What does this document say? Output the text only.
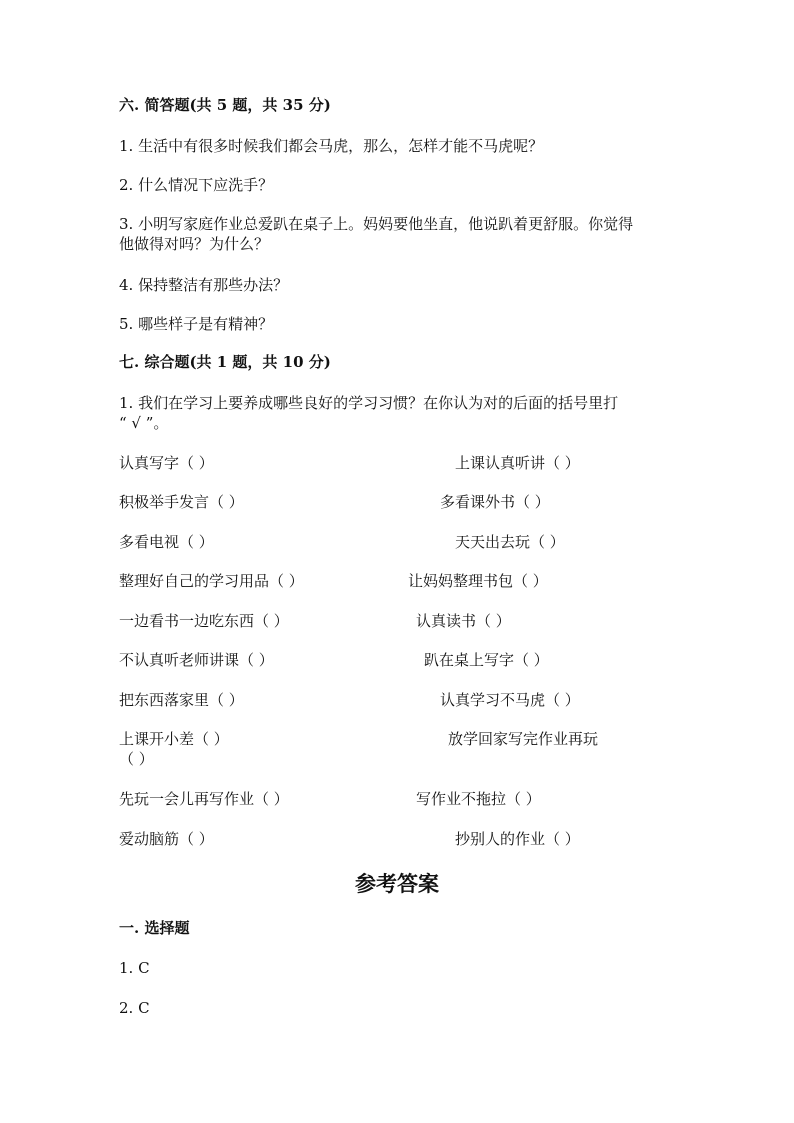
六. 简答题(共 5 题，共 35 分)
1. 生活中有很多时候我们都会马虎，那么，怎样才能不马虎呢？
2. 什么情况下应洗手？
3. 小明写家庭作业总爱趴在桌子上。妈妈要他坐直，他说趴着更舒服。你觉得
他做得对吗？为什么？
4. 保持整洁有那些办法？
5. 哪些样子是有精神？
七. 综合题(共 1 题，共 10 分)
1. 我们在学习上要养成哪些良好的学习习惯？在你认为对的后面的括号里打
“ √ ”。
认真写字（ ）	上课认真听讲（ ）
积极举手发言（ ）	多看课外书（ ）
多看电视（ ）	天天出去玩（ ）
整理好自己的学习用品（ ）	让妈妈整理书包（ ）
一边看书一边吃东西（ ）	认真读书（ ）
不认真听老师讲课（ ）	趴在桌上写字（ ）
把东西落家里（ ）	认真学习不马虎（ ）
上课开小差（ ）	放学回家写完作业再玩
（ ）
先玩一会儿再写作业（ ）	写作业不拖拉（ ）
爱动脑筋（ ）	抄别人的作业（ ）
参考答案
一. 选择题
1. C
2. C
